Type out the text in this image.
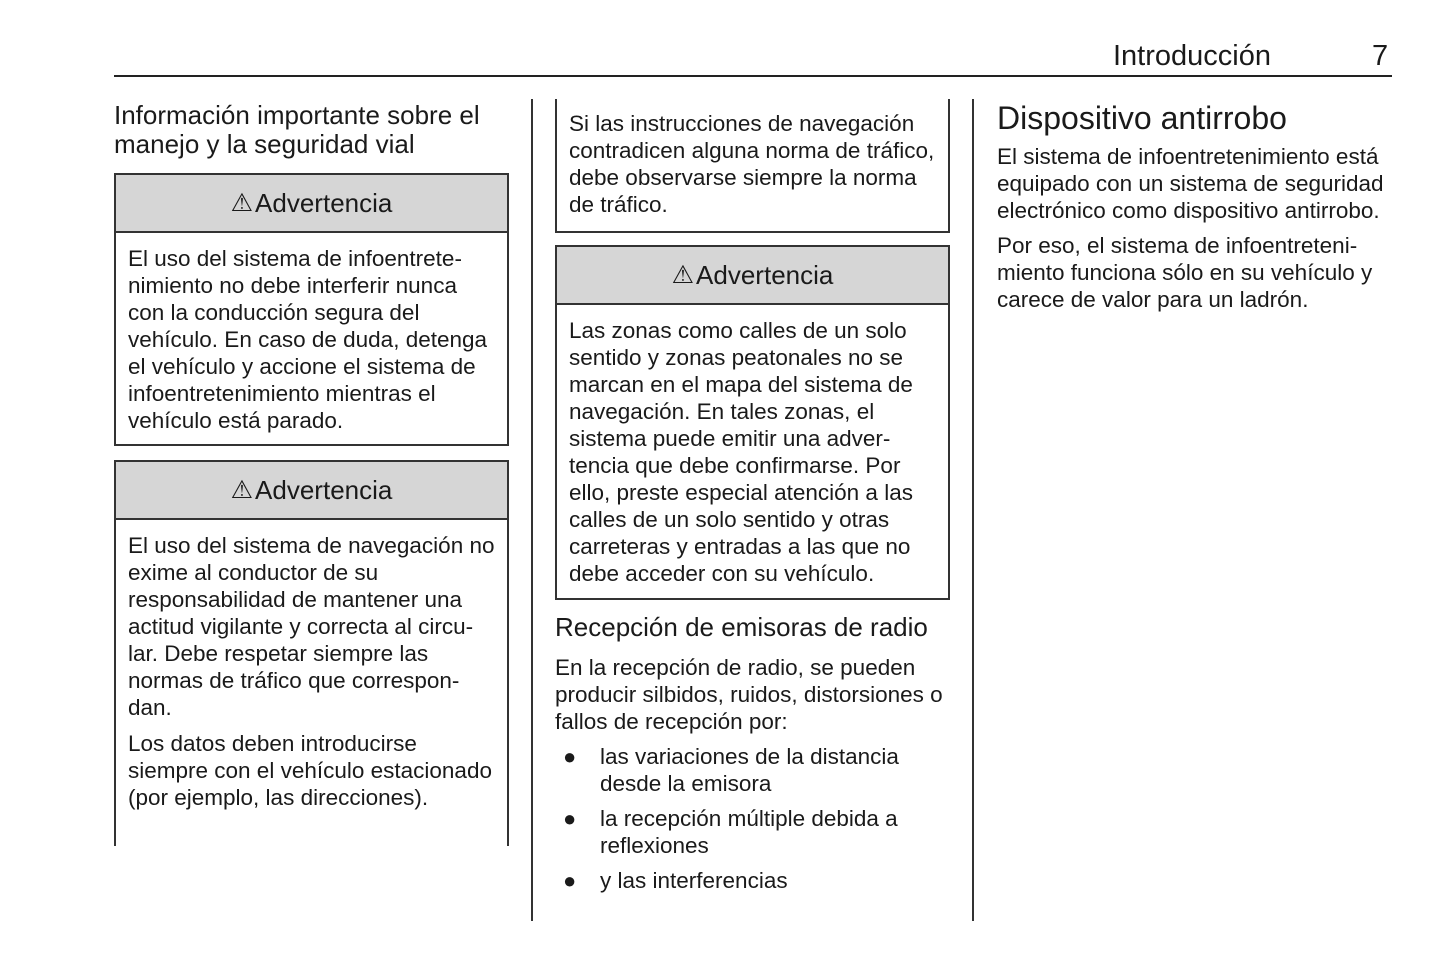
Introducción	7
Información importante sobre el manejo y la seguridad vial
⚠ Advertencia

El uso del sistema de infoentretenimiento no debe interferir nunca con la conducción segura del vehículo. En caso de duda, detenga el vehículo y accione el sistema de infoentretenimiento mientras el vehículo está parado.

⚠ Advertencia

El uso del sistema de navegación no exime al conductor de su responsabilidad de mantener una actitud vigilante y correcta al circular. Debe respetar siempre las normas de tráfico que correspondan.

Los datos deben introducirse siempre con el vehículo estacionado (por ejemplo, las direcciones).

Si las instrucciones de navegación contradicen alguna norma de tráfico, debe observarse siempre la norma de tráfico.

⚠ Advertencia

Las zonas como calles de un solo sentido y zonas peatonales no se marcan en el mapa del sistema de navegación. En tales zonas, el sistema puede emitir una advertencia que debe confirmarse. Por ello, preste especial atención a las calles de un solo sentido y otras carreteras y entradas a las que no debe acceder con su vehículo.

Recepción de emisoras de radio

En la recepción de radio, se pueden producir silbidos, ruidos, distorsiones o fallos de recepción por:

● las variaciones de la distancia desde la emisora
● la recepción múltiple debida a reflexiones
● y las interferencias
Dispositivo antirrobo

El sistema de infoentretenimiento está equipado con un sistema de seguridad electrónico como dispositivo antirrobo.

Por eso, el sistema de infoentretenimiento funciona sólo en su vehículo y carece de valor para un ladrón.
